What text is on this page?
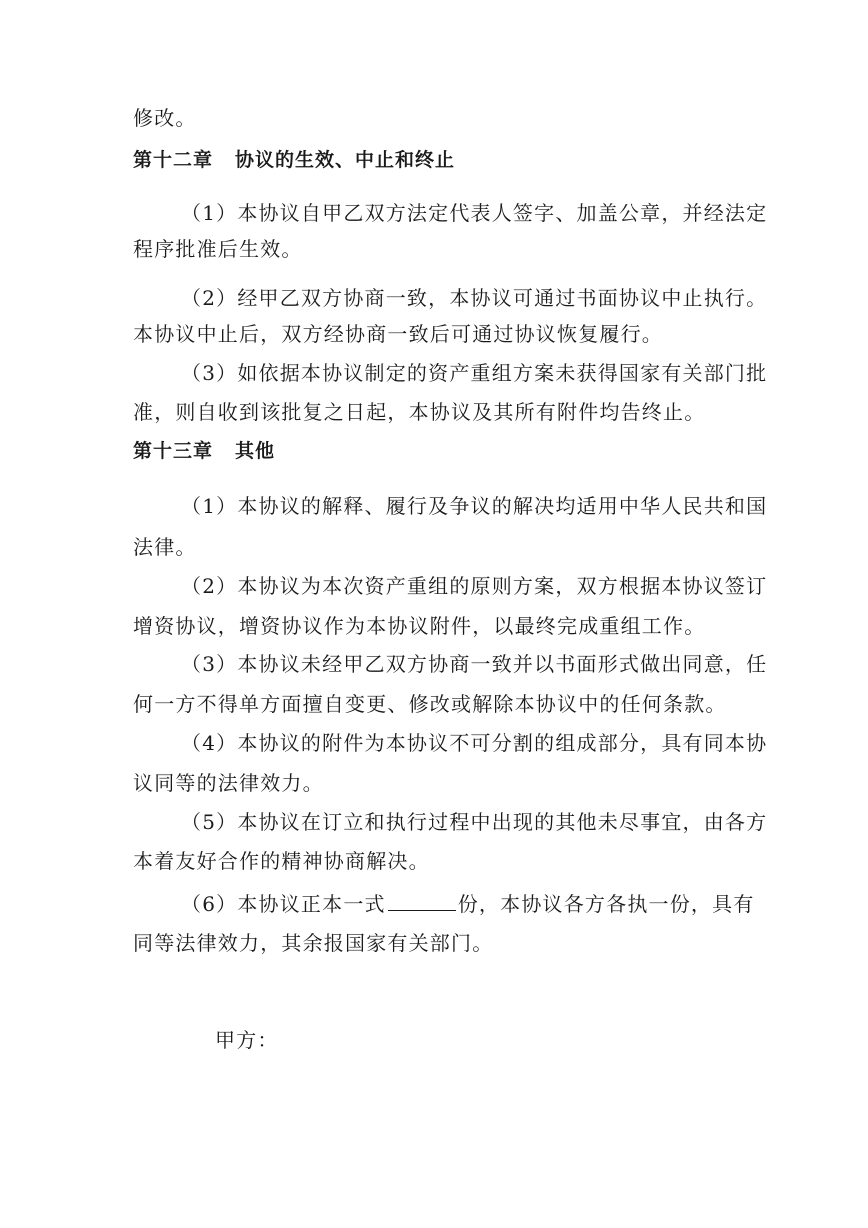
修改。
第十二章 协议的生效、中止和终止
（1）本协议自甲乙双方法定代表人签字、加盖公章，并经法定
程序批准后生效。
（2）经甲乙双方协商一致，本协议可通过书面协议中止执行。
本协议中止后，双方经协商一致后可通过协议恢复履行。
（3）如依据本协议制定的资产重组方案未获得国家有关部门批
准，则自收到该批复之日起，本协议及其所有附件均告终止。
第十三章 其他
（1）本协议的解释、履行及争议的解决均适用中华人民共和国
法律。
（2）本协议为本次资产重组的原则方案，双方根据本协议签订
增资协议，增资协议作为本协议附件，以最终完成重组工作。
（3）本协议未经甲乙双方协商一致并以书面形式做出同意，任
何一方不得单方面擅自变更、修改或解除本协议中的任何条款。
（4）本协议的附件为本协议不可分割的组成部分，具有同本协
议同等的法律效力。
（5）本协议在订立和执行过程中出现的其他未尽事宜，由各方
本着友好合作的精神协商解决。
（6）本协议正本一式	份，本协议各方各执一份，具有
同等法律效力，其余报国家有关部门。
甲方：
